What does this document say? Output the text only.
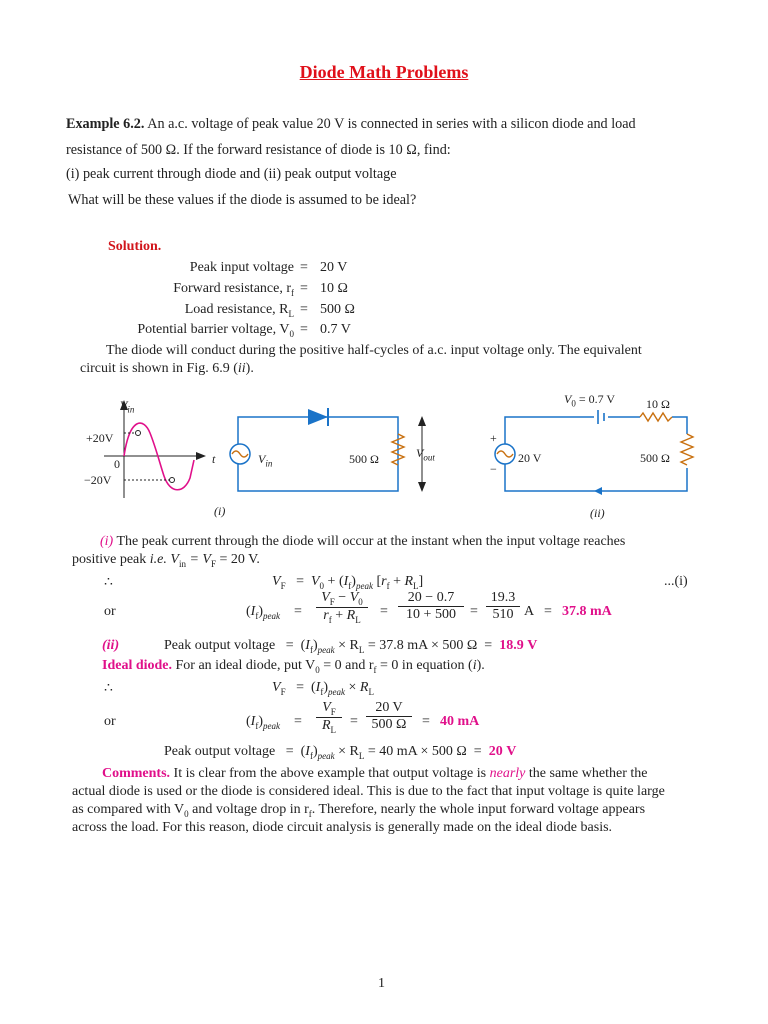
Diode Math Problems
Example 6.2. An a.c. voltage of peak value 20 V is connected in series with a silicon diode and load
resistance of 500 Ω. If the forward resistance of diode is 10 Ω, find:
(i) peak current through diode and (ii) peak output voltage
What will be these values if the diode is assumed to be ideal?
Solution.
Peak input voltage = 20 V
Forward resistance, $r_f = 10$ Ω
Load resistance, $R_L = 500$ Ω
Potential barrier voltage, $V_0 = 0.7$ V
The diode will conduct during the positive half-cycles of a.c. input voltage only. The equivalent
circuit is shown in Fig. 6.9 (ii).
$V_{in}$
+20V
0
−20V
t	$V_{in}$	500 Ω	$V_{out}$
(i)
$V_0 = 0.7$ V	10 Ω
+
−
20 V	500 Ω
(ii)
(i) The peak current through the diode will occur at the instant when the input voltage reaches
positive peak i.e. $V_{in} = V_F = 20$ V.
∴	$V_F = V_0 + (I_f)_{peak}$ $[r_f + R_L]$	...(i)
or	$(I_f)_{peak}$    = $\frac{V_F - V_0}{r_f + R_L} = \frac{20 - 0.7}{10 + 500} = \frac{19.3}{510}$ A = 37.8 mA
(ii)	Peak output voltage   =  $(I_f)_{peak} \times R_L = 37.8$ mA × 500 Ω  =  18.9 V
Ideal diode. For an ideal diode, put $V_0 = 0$ and $r_f = 0$ in equation (i).
∴	$V_F = (I_f)_{peak} \times R_L$
or	$(I_f)_{peak}$    = $\frac{V_F}{R_L} = \frac{20 V}{500 \Omega} = 40$ mA
Peak output voltage   =  $(I_f)_{peak} \times R_L = 40$ mA × 500 Ω  =  20 V
Comments. It is clear from the above example that output voltage is nearly the same whether the
actual diode is used or the diode is considered ideal. This is due to the fact that input voltage is quite large
as compared with $V_0$ and voltage drop in $r_f$. Therefore, nearly the whole input forward voltage appears
across the load. For this reason, diode circuit analysis is generally made on the ideal diode basis.
1
